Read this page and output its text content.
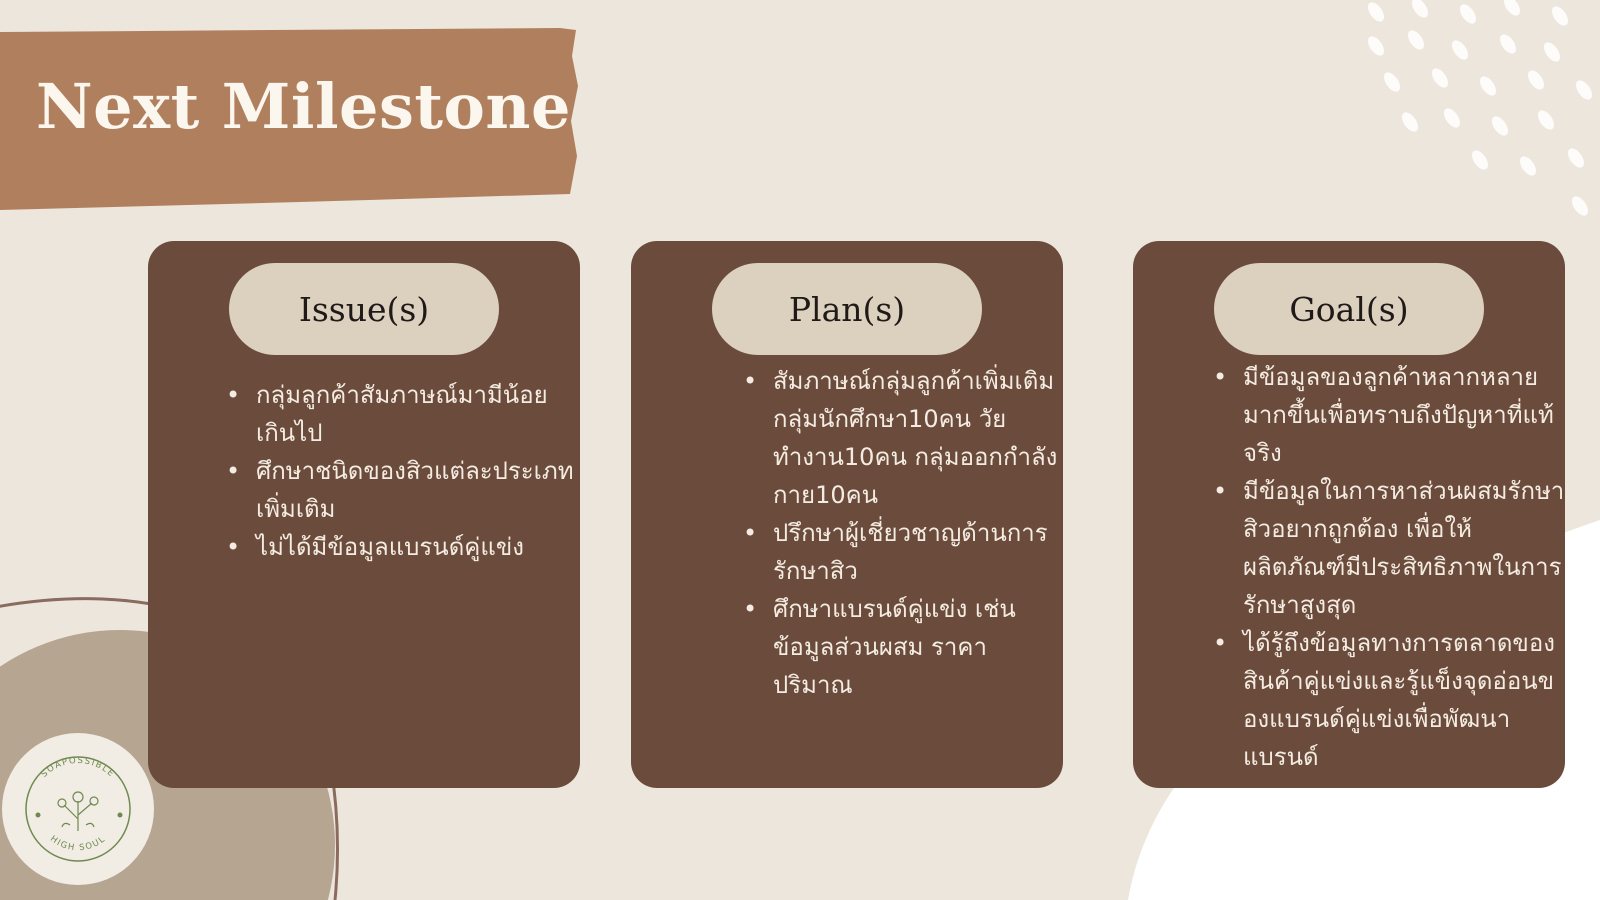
Next Milestone
Issue(s)
• กลุ่มลูกค้าสัมภาษณ์มามีน้อยเกินไป
• ศึกษาชนิดของสิวแต่ละประเภทเพิ่มเติม
• ไม่ได้มีข้อมูลแบรนด์คู่แข่ง
Plan(s)
• สัมภาษณ์กลุ่มลูกค้าเพิ่มเติม กลุ่มนักศึกษา10คน วัยทำงาน10คน กลุ่มออกกำลังกาย10คน
• ปรึกษาผู้เชี่ยวชาญด้านการรักษาสิว
• ศึกษาแบรนด์คู่แข่ง เช่น ข้อมูลส่วนผสม ราคา ปริมาณ
Goal(s)
• มีข้อมูลของลูกค้าหลากหลายมากขึ้นเพื่อทราบถึงปัญหาที่แท้จริง
• มีข้อมูลในการหาส่วนผสมรักษาสิวอยากถูกต้อง เพื่อให้ผลิตภัณฑ์มีประสิทธิภาพในการรักษาสูงสุด
• ได้รู้ถึงข้อมูลทางการตลาดของสินค้าคู่แข่งและรู้แข็งจุดอ่อนของแบรนด์คู่แข่งเพื่อพัฒนาแบรนด์
SOAPOSSIBLE
HIGH SOUL
